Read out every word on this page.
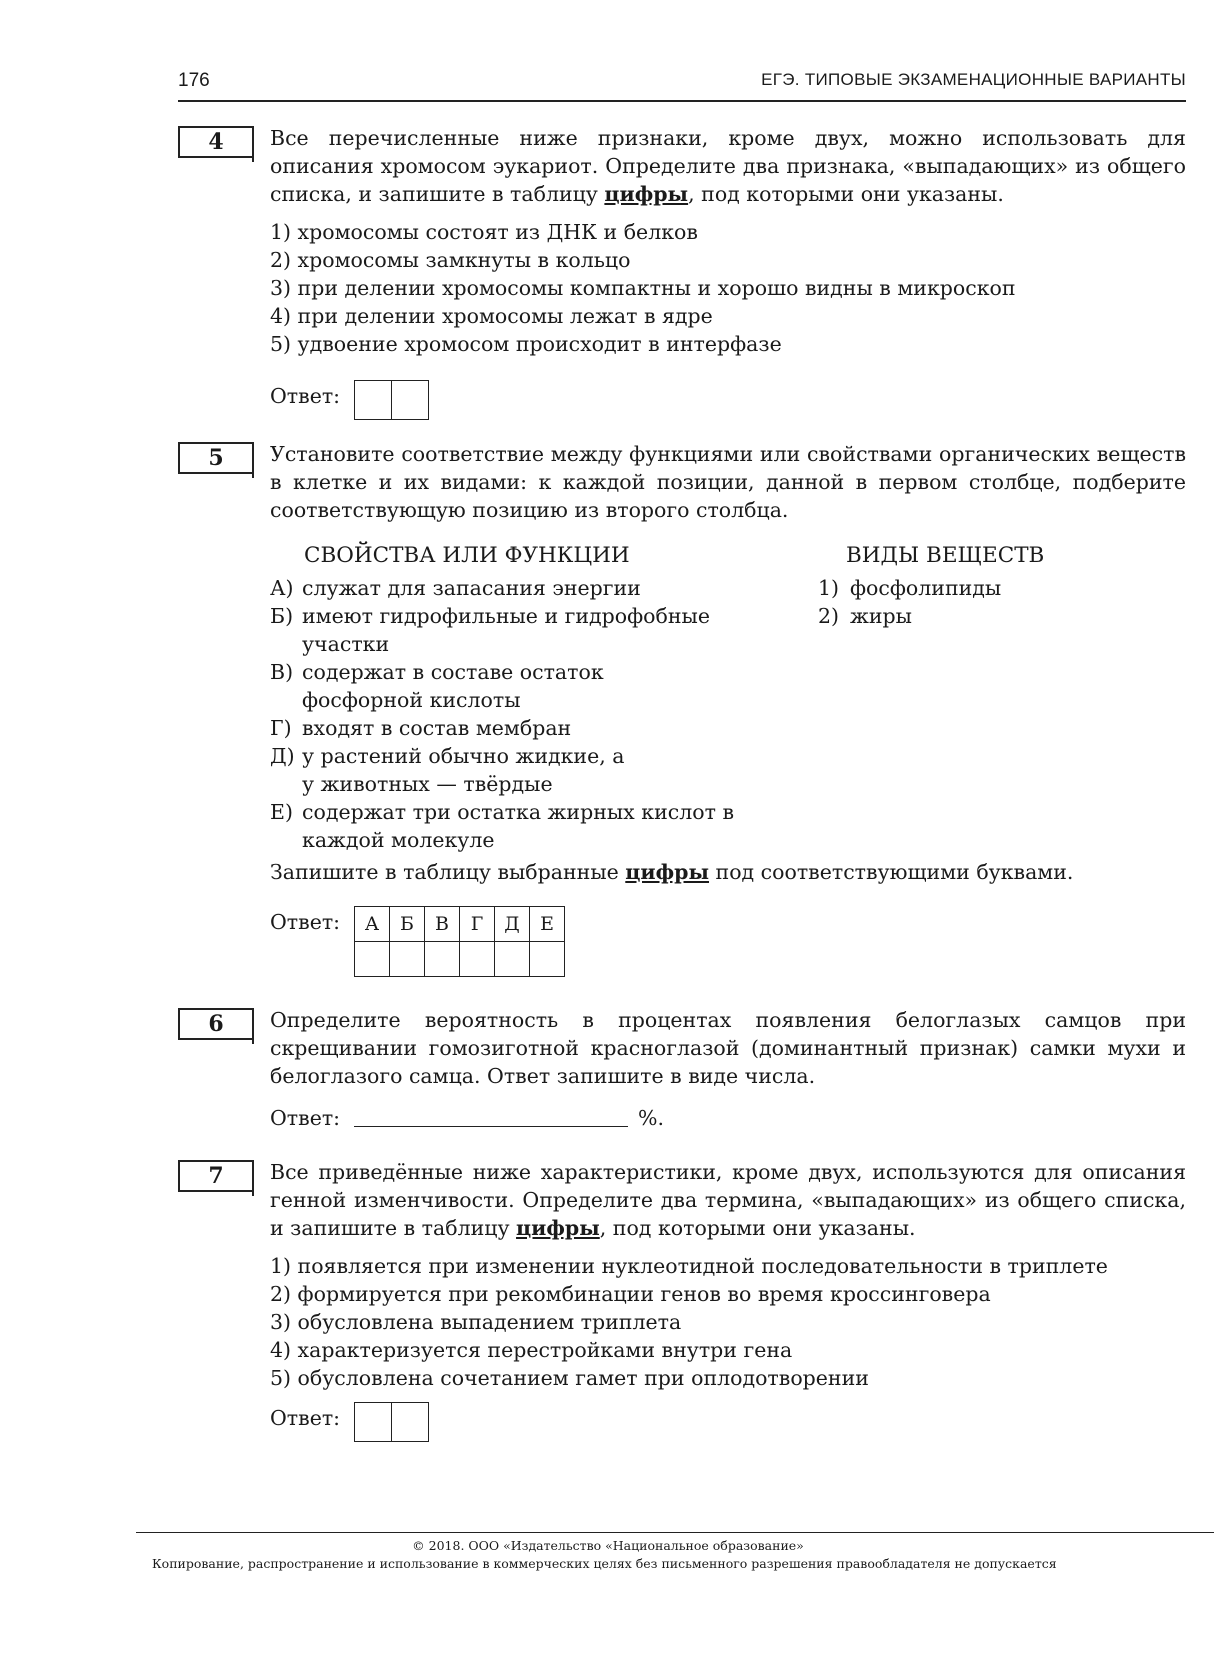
176	ЕГЭ. ТИПОВЫЕ ЭКЗАМЕНАЦИОННЫЕ ВАРИАНТЫ
4	Все перечисленные ниже признаки, кроме двух, можно использовать для описания хромосом эукариот. Определите два признака, «выпадающих» из общего списка, и запишите в таблицу цифры, под которыми они указаны.
1) хромосомы состоят из ДНК и белков
2) хромосомы замкнуты в кольцо
3) при делении хромосомы компактны и хорошо видны в микроскоп
4) при делении хромосомы лежат в ядре
5) удвоение хромосом происходит в интерфазе
Ответ:
5	Установите соответствие между функциями или свойствами органических веществ в клетке и их видами: к каждой позиции, данной в первом столбце, подберите соответствующую позицию из второго столбца.
СВОЙСТВА ИЛИ ФУНКЦИИ
А) служат для запасания энергии
Б) имеют гидрофильные и гидрофобные участки
В) содержат в составе остаток фосфорной кислоты
Г) входят в состав мембран
Д) у растений обычно жидкие, а у животных — твёрдые
Е) содержат три остатка жирных кислот в каждой молекуле
ВИДЫ ВЕЩЕСТВ
1) фосфолипиды
2) жиры
Запишите в таблицу выбранные цифры под соответствующими буквами.
Ответ: А	Б	В	Г	Д	Е

6	Определите вероятность в процентах появления белоглазых самцов при скрещивании гомозиготной красноглазой (доминантный признак) самки мухи и белоглазого самца. Ответ запишите в виде числа.
Ответ:	%.
7	Все приведённые ниже характеристики, кроме двух, используются для описания генной изменчивости. Определите два термина, «выпадающих» из общего списка, и запишите в таблицу цифры, под которыми они указаны.
1) появляется при изменении нуклеотидной последовательности в триплете
2) формируется при рекомбинации генов во время кроссинговера
3) обусловлена выпадением триплета
4) характеризуется перестройками внутри гена
5) обусловлена сочетанием гамет при оплодотворении
Ответ:
© 2018. ООО «Издательство «Национальное образование»
Копирование, распространение и использование в коммерческих целях без письменного разрешения правообладателя не допускается
